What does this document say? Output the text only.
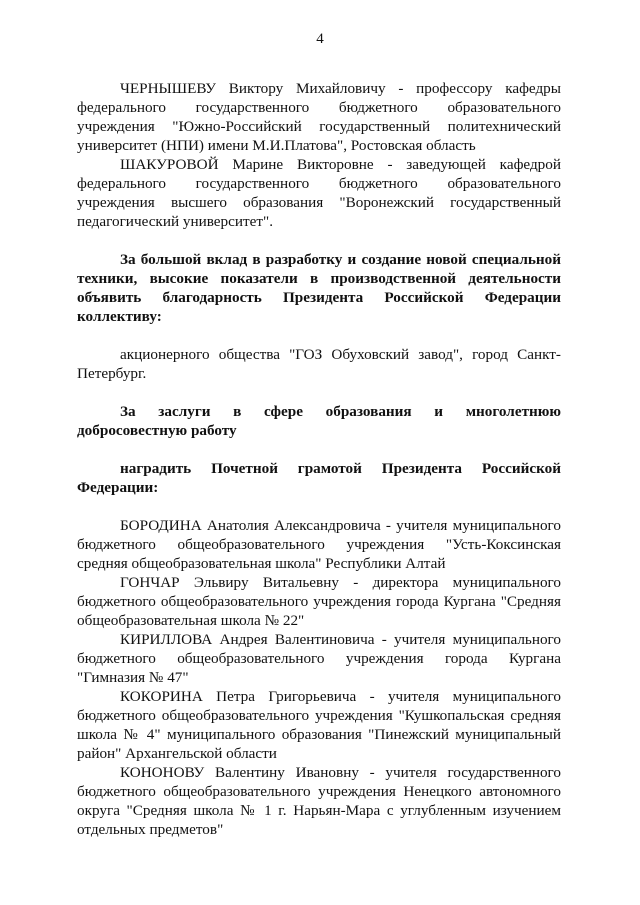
4

ЧЕРНЫШЕВУ Виктору Михайловичу - профессору кафедры федерального государственного бюджетного образовательного учреждения "Южно-Российский государственный политехнический университет (НПИ) имени М.И.Платова", Ростовская область

ШАКУРОВОЙ Марине Викторовне - заведующей кафедрой федерального государственного бюджетного образовательного учреждения высшего образования "Воронежский государственный педагогический университет".

За большой вклад в разработку и создание новой специальной техники, высокие показатели в производственной деятельности объявить благодарность Президента Российской Федерации коллективу:

акционерного общества "ГОЗ Обуховский завод", город Санкт-Петербург.

За заслуги в сфере образования и многолетнюю добросовестную работу

наградить Почетной грамотой Президента Российской Федерации:

БОРОДИНА Анатолия Александровича - учителя муниципального бюджетного общеобразовательного учреждения "Усть-Коксинская средняя общеобразовательная школа" Республики Алтай

ГОНЧАР Эльвиру Витальевну - директора муниципального бюджетного общеобразовательного учреждения города Кургана "Средняя общеобразовательная школа № 22"

КИРИЛЛОВА Андрея Валентиновича - учителя муниципального бюджетного общеобразовательного учреждения города Кургана "Гимназия № 47"

КОКОРИНА Петра Григорьевича - учителя муниципального бюджетного общеобразовательного учреждения "Кушкопальская средняя школа № 4" муниципального образования "Пинежский муниципальный район" Архангельской области

КОНОНОВУ Валентину Ивановну - учителя государственного бюджетного общеобразовательного учреждения Ненецкого автономного округа "Средняя школа № 1 г. Нарьян-Мара с углубленным изучением отдельных предметов"
